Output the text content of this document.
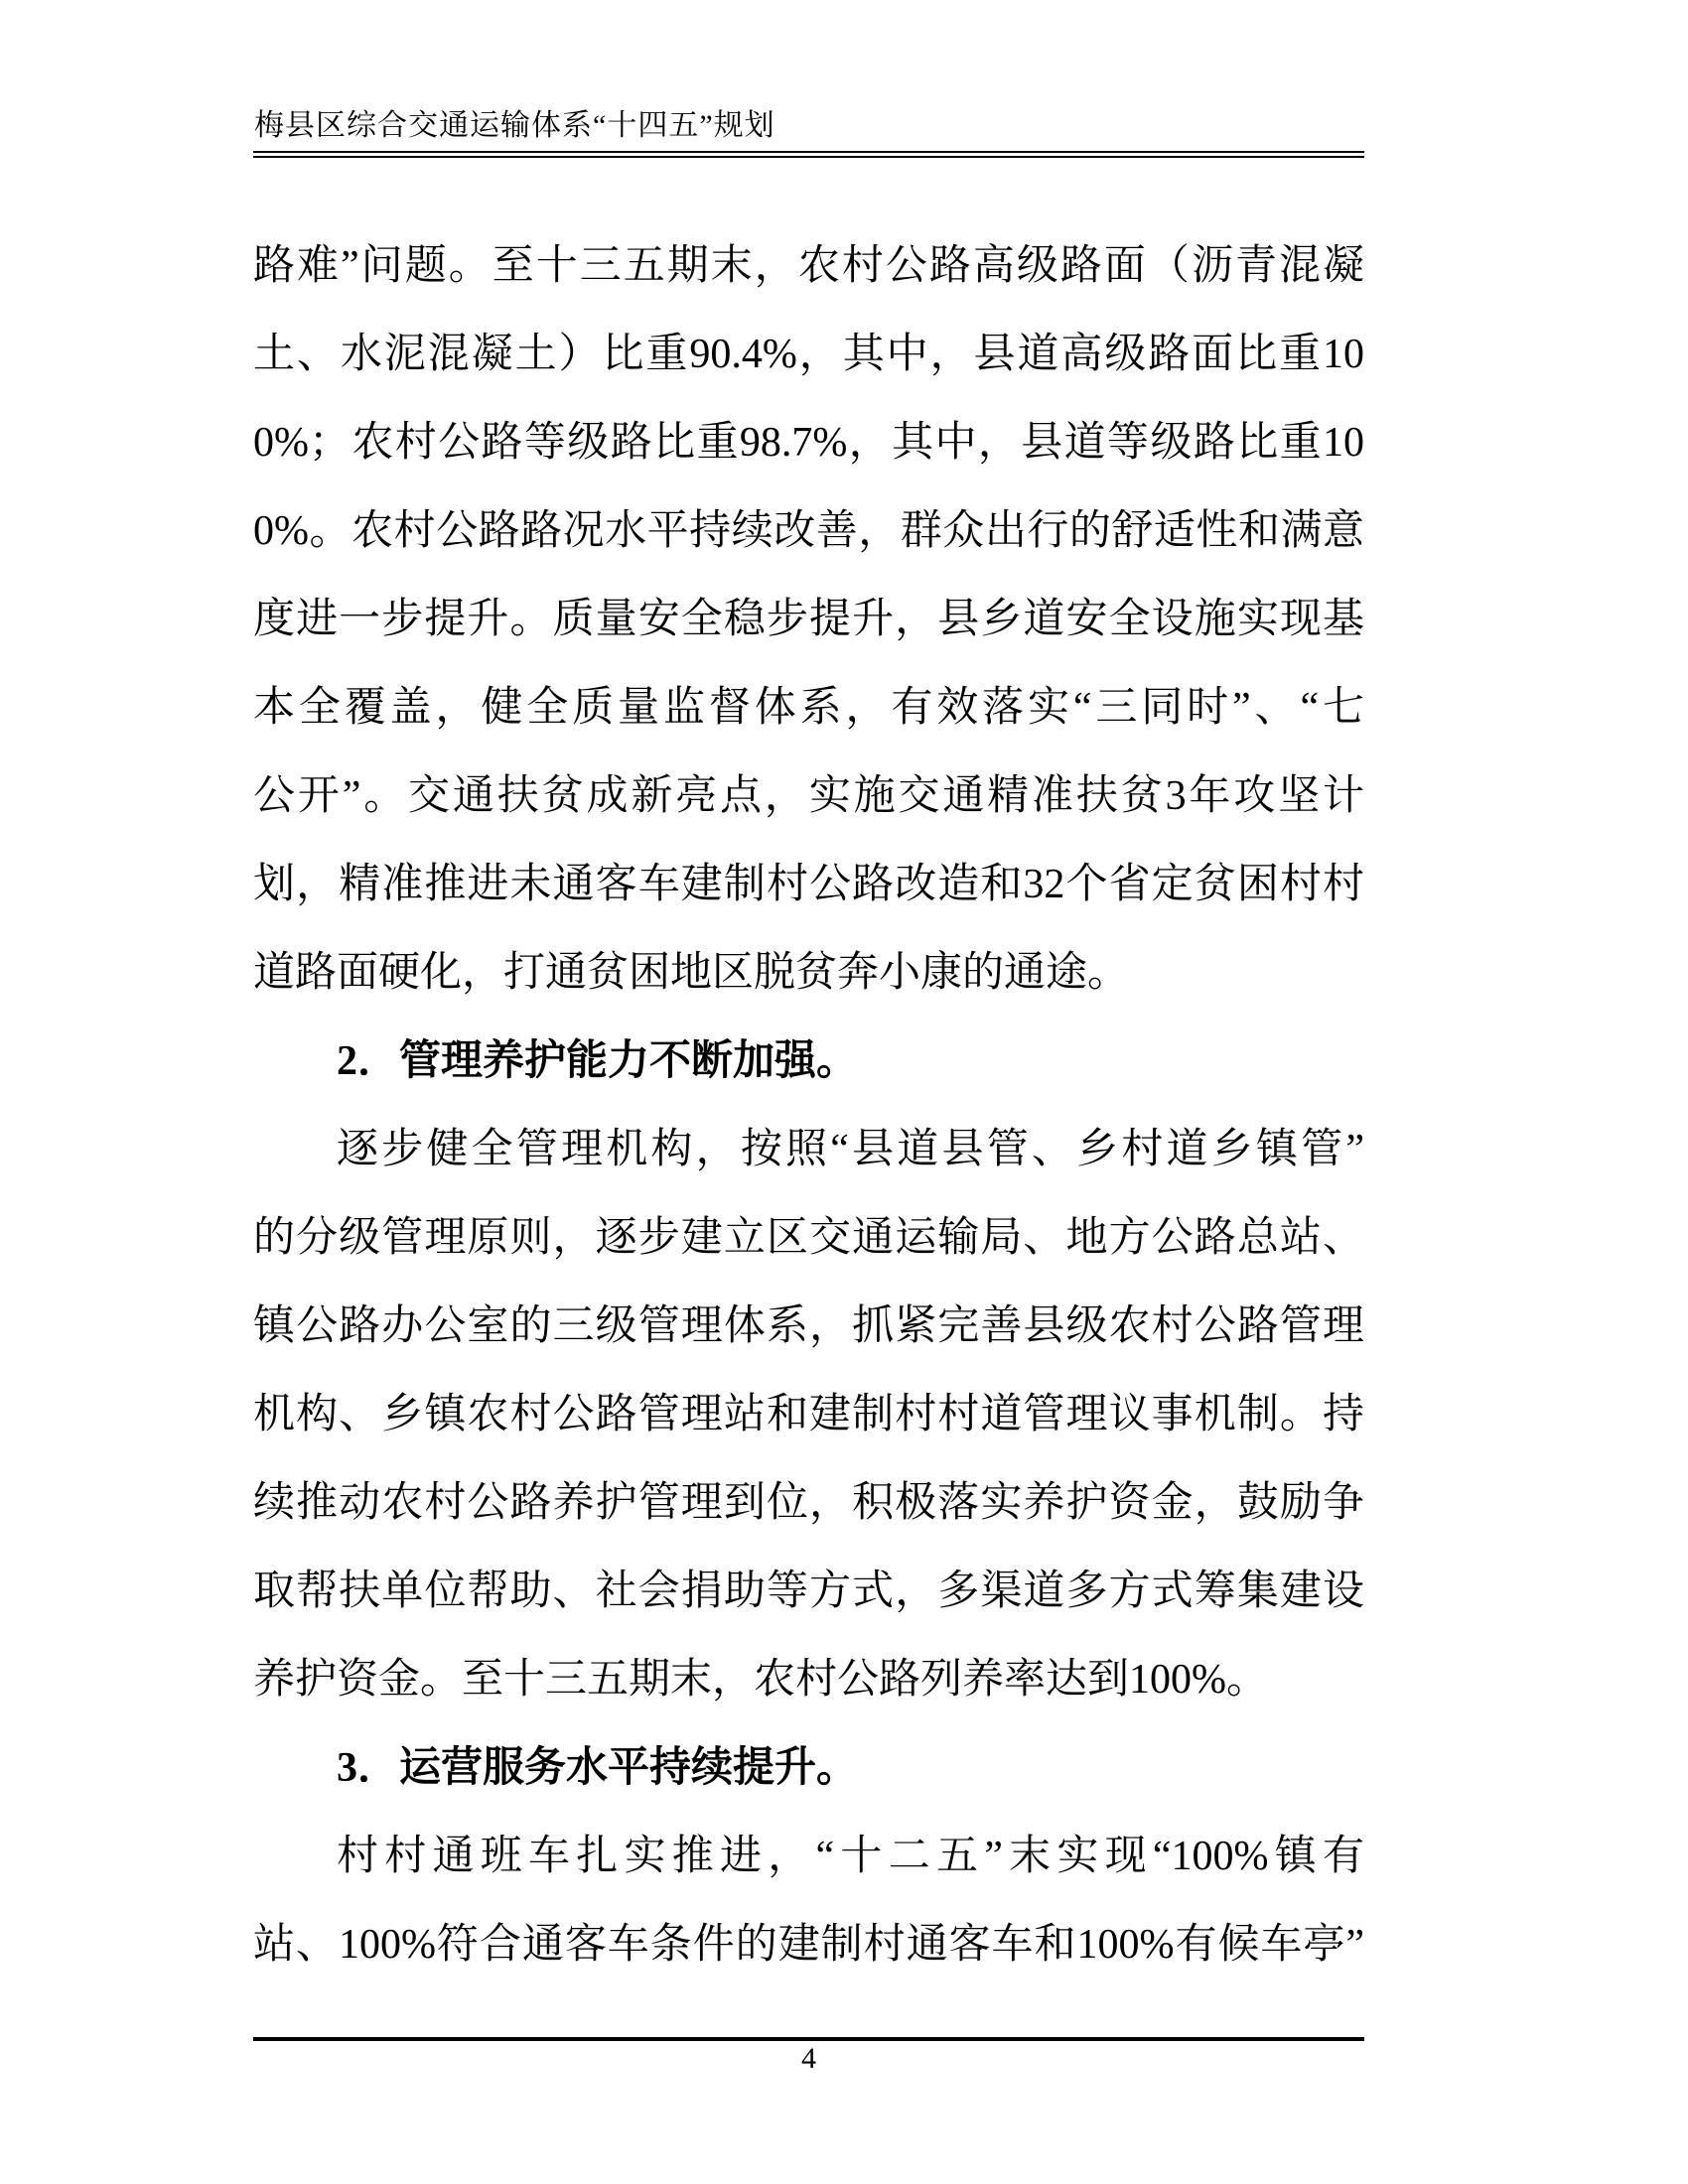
梅县区综合交通运输体系“十四五”规划
路难”问题。至十三五期末，农村公路高级路面（沥青混凝
土、水泥混凝土）比重90.4%，其中，县道高级路面比重10
0%；农村公路等级路比重98.7%，其中，县道等级路比重10
0%。农村公路路况水平持续改善，群众出行的舒适性和满意
度进一步提升。质量安全稳步提升，县乡道安全设施实现基
本全覆盖，健全质量监督体系，有效落实“三同时”、“七
公开”。交通扶贫成新亮点，实施交通精准扶贫3年攻坚计
划，精准推进未通客车建制村公路改造和32个省定贫困村村
道路面硬化，打通贫困地区脱贫奔小康的通途。
2．管理养护能力不断加强。
逐步健全管理机构，按照“县道县管、乡村道乡镇管”
的分级管理原则，逐步建立区交通运输局、地方公路总站、
镇公路办公室的三级管理体系，抓紧完善县级农村公路管理
机构、乡镇农村公路管理站和建制村村道管理议事机制。持
续推动农村公路养护管理到位，积极落实养护资金，鼓励争
取帮扶单位帮助、社会捐助等方式，多渠道多方式筹集建设
养护资金。至十三五期末，农村公路列养率达到100%。
3．运营服务水平持续提升。
村村通班车扎实推进，“十二五”末实现“100%镇有
站、100%符合通客车条件的建制村通客车和100%有候车亭”
4
